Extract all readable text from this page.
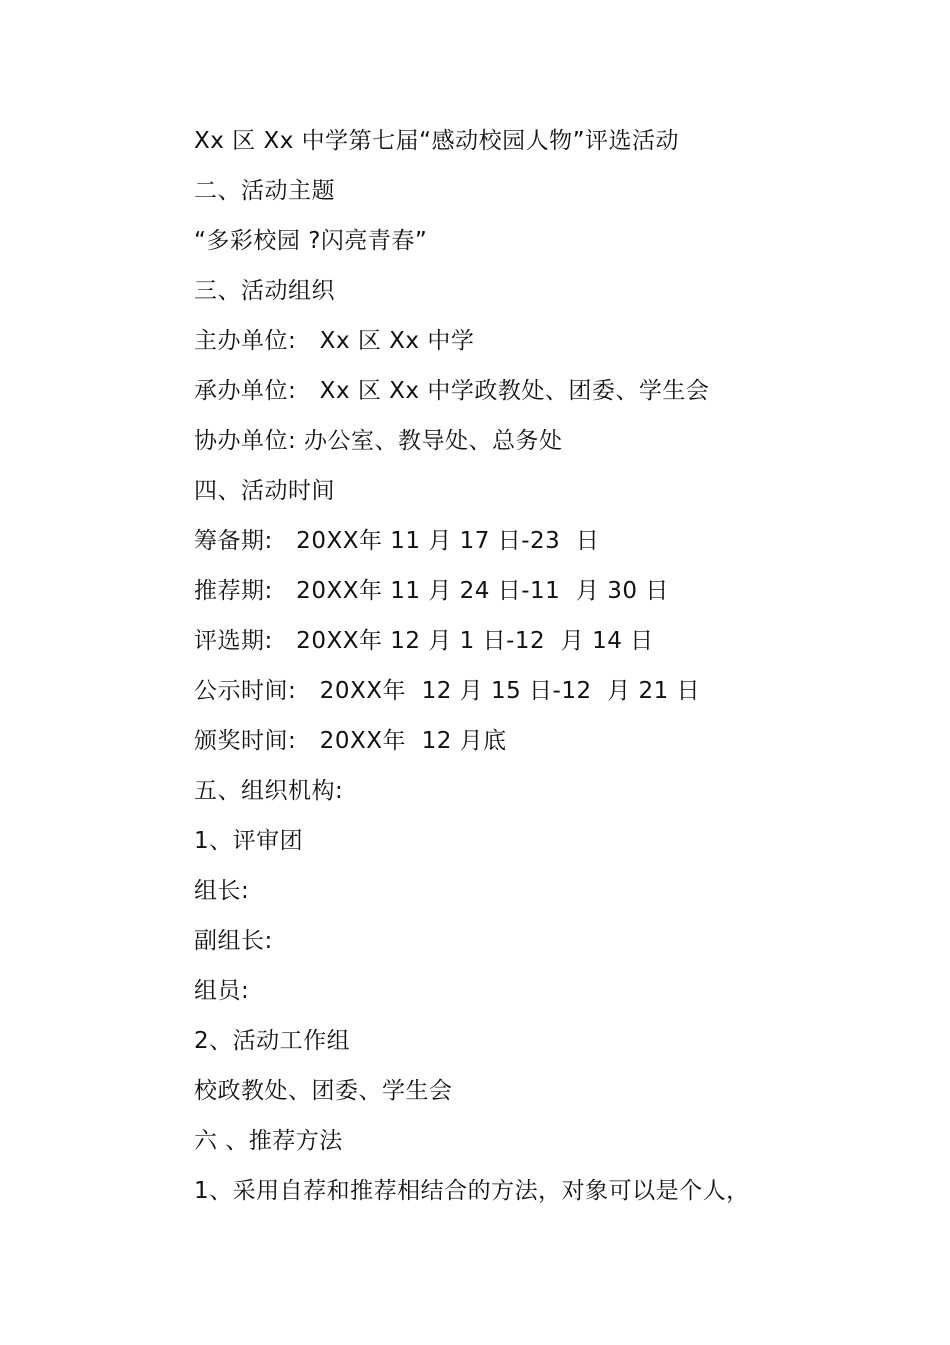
Xx 区 Xx 中学第七届“感动校园人物”评选活动
二、活动主题
“多彩校园 ?闪亮青春”
三、活动组织
主办单位:   Xx 区 Xx 中学
承办单位:   Xx 区 Xx 中学政教处、团委、学生会
协办单位: 办公室、教导处、总务处
四、活动时间
筹备期:   20XX年 11 月 17 日-23  日
推荐期:   20XX年 11 月 24 日-11  月 30 日
评选期:   20XX年 12 月 1 日-12  月 14 日
公示时间:   20XX年  12 月 15 日-12  月 21 日
颁奖时间:   20XX年  12 月底
五、组织机构:
1、评审团
组长:
副组长:
组员:
2、活动工作组
校政教处、团委、学生会
六 、推荐方法
1、采用自荐和推荐相结合的方法，对象可以是个人，
